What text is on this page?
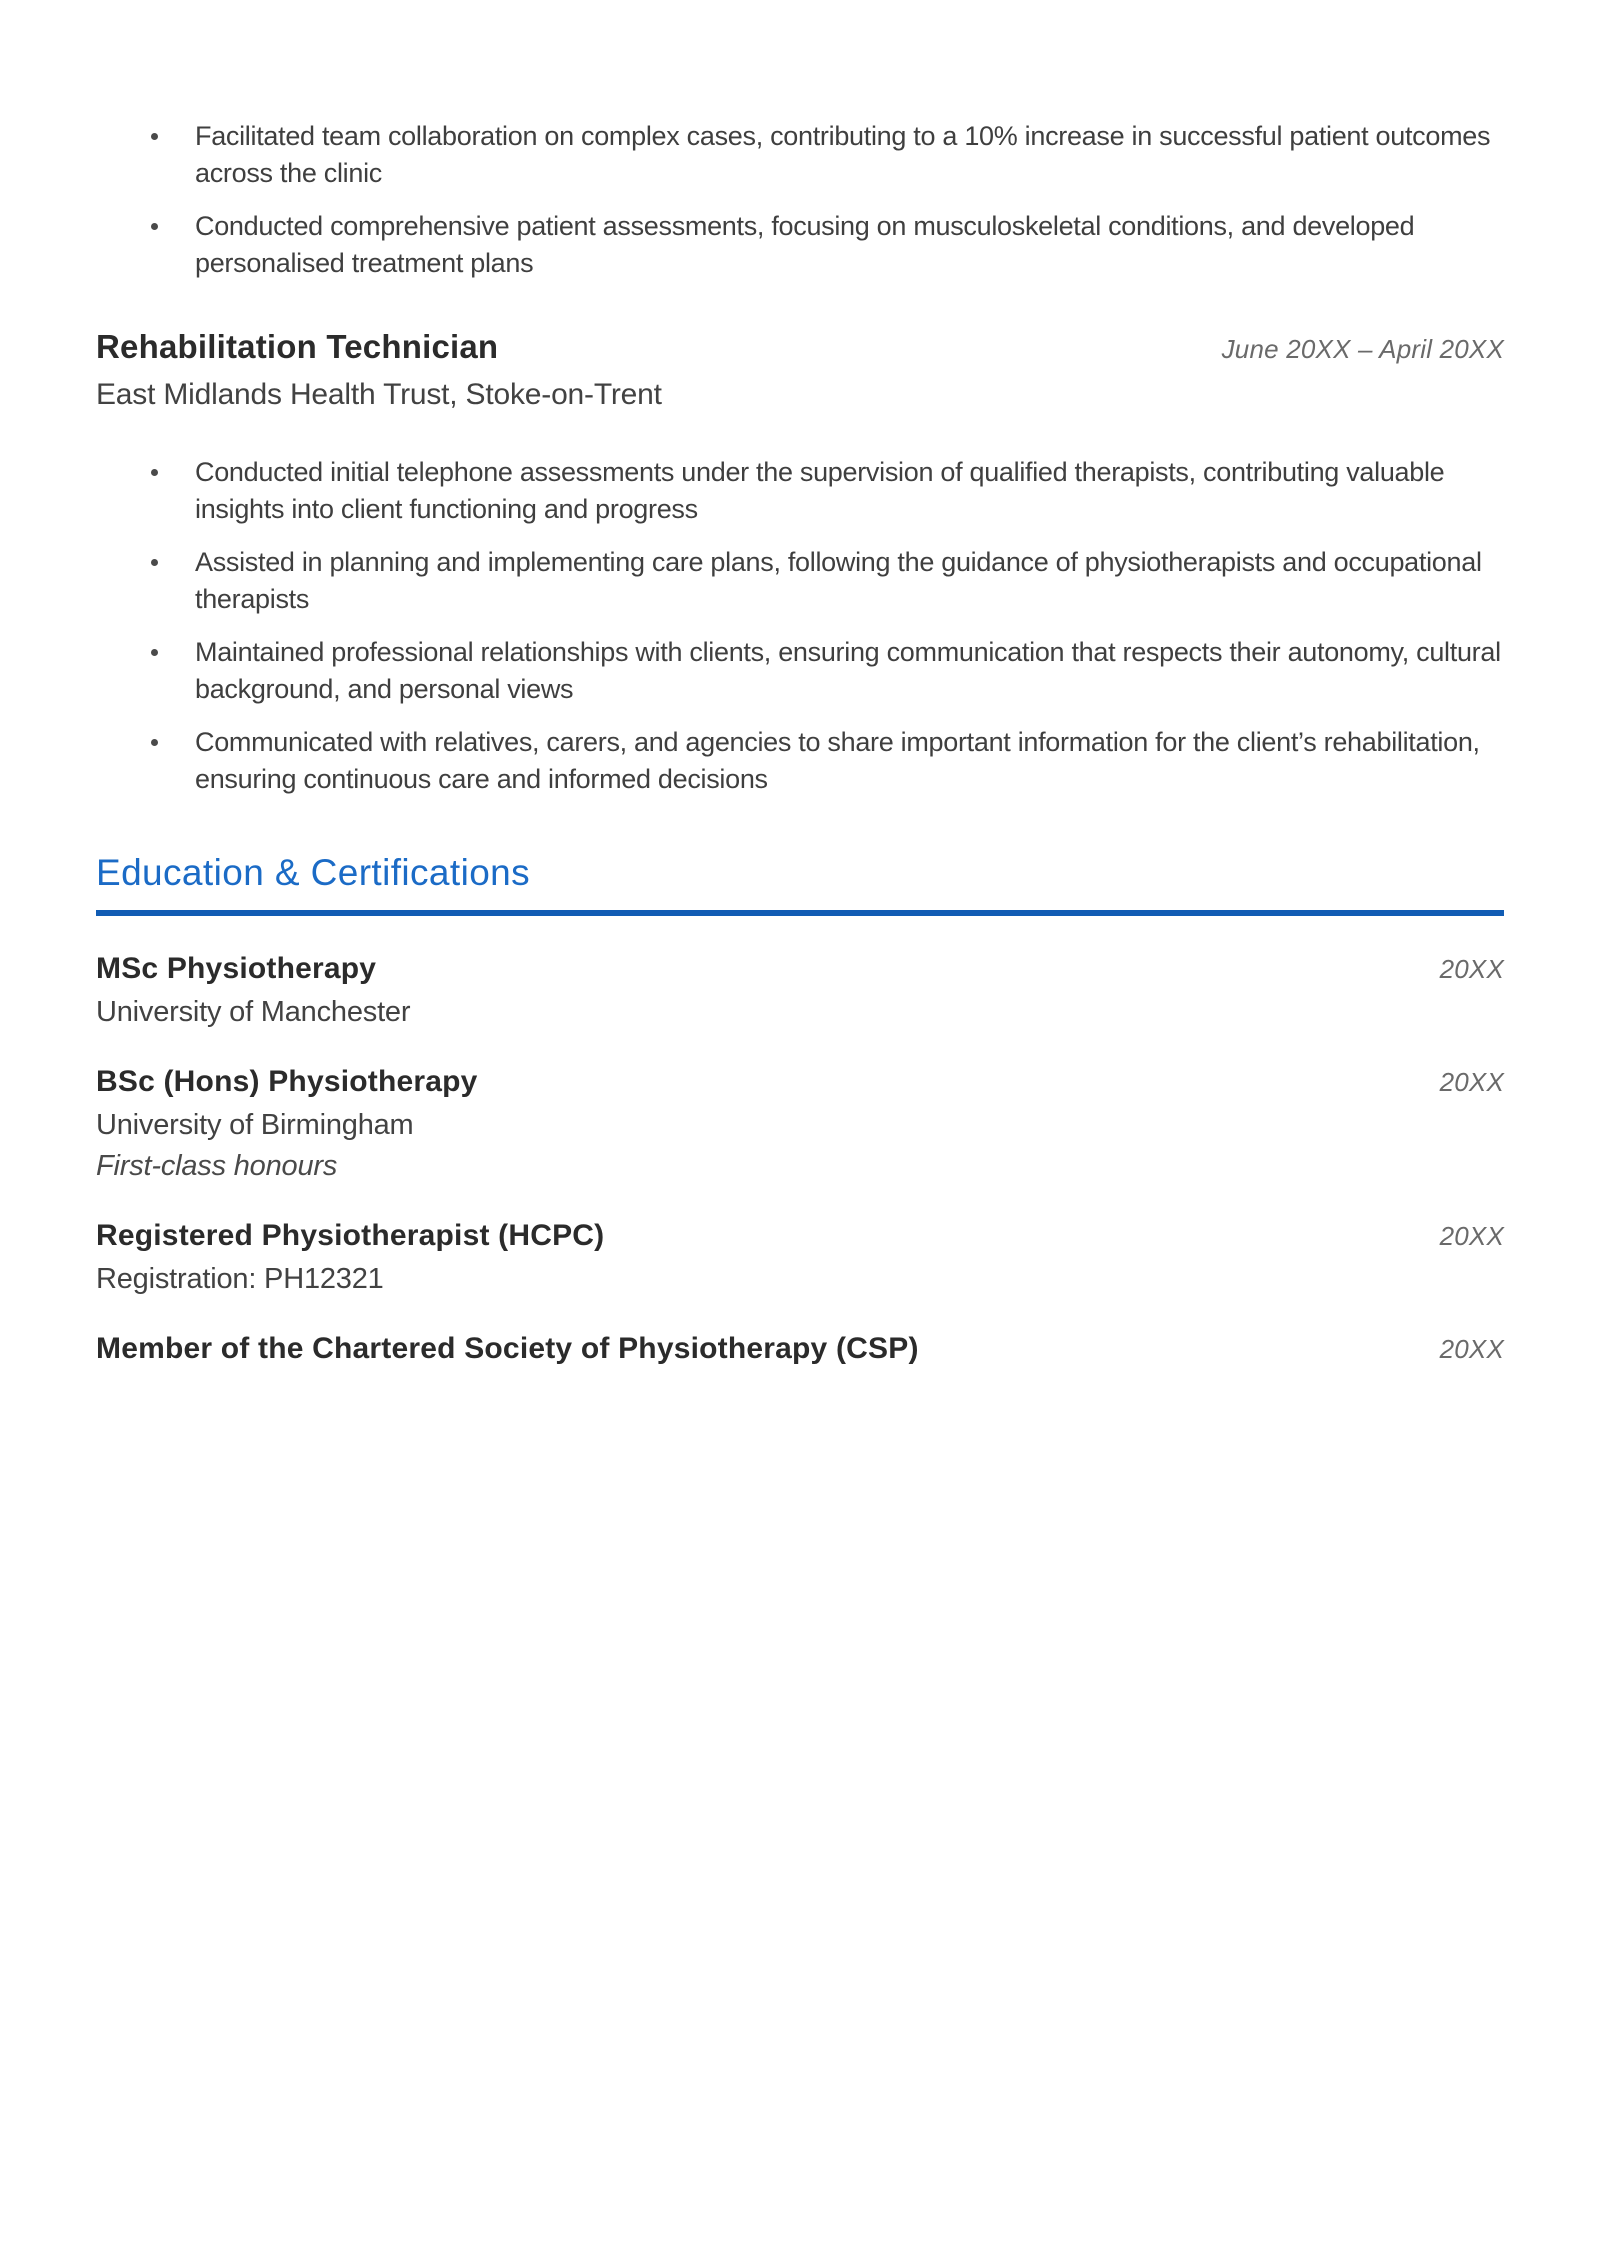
Facilitated team collaboration on complex cases, contributing to a 10% increase in successful patient outcomes across the clinic
Conducted comprehensive patient assessments, focusing on musculoskeletal conditions, and developed personalised treatment plans
Rehabilitation Technician	June 20XX – April 20XX
East Midlands Health Trust, Stoke-on-Trent
Conducted initial telephone assessments under the supervision of qualified therapists, contributing valuable insights into client functioning and progress
Assisted in planning and implementing care plans, following the guidance of physiotherapists and occupational therapists
Maintained professional relationships with clients, ensuring communication that respects their autonomy, cultural background, and personal views
Communicated with relatives, carers, and agencies to share important information for the client’s rehabilitation, ensuring continuous care and informed decisions
Education & Certifications
MSc Physiotherapy	20XX
University of Manchester
BSc (Hons) Physiotherapy	20XX
University of Birmingham
First-class honours
Registered Physiotherapist (HCPC)	20XX
Registration: PH12321
Member of the Chartered Society of Physiotherapy (CSP)	20XX
